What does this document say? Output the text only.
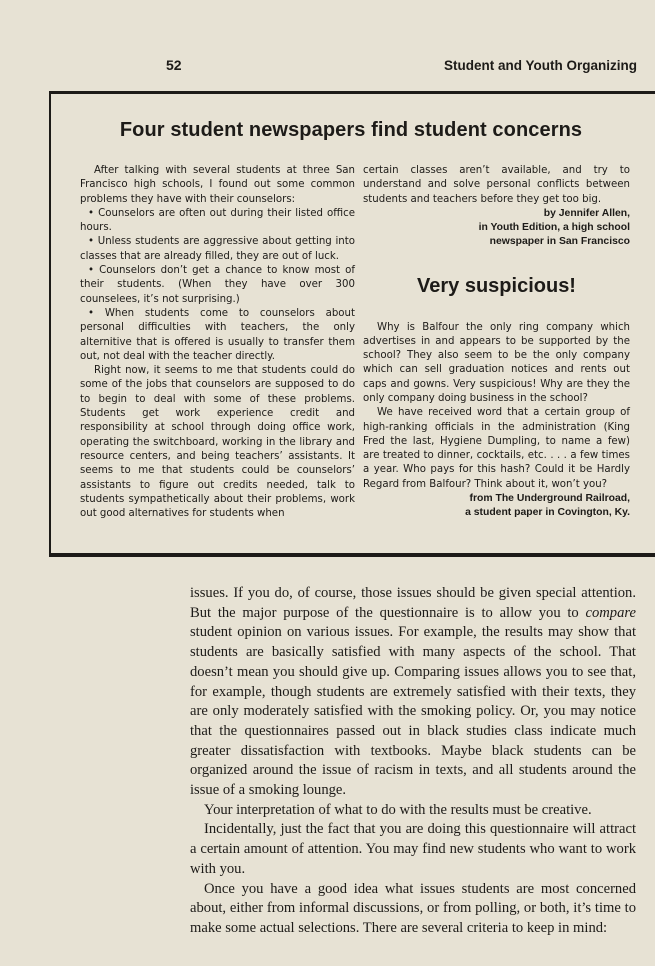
52	Student and Youth Organizing
Four student newspapers find student concerns

After talking with several students at three San Francisco high schools, I found out some common problems they have with their counselors:

• Counselors are often out during their listed office hours.

• Unless students are aggressive about getting into classes that are already filled, they are out of luck.

• Counselors don’t get a chance to know most of their students. (When they have over 300 counselees, it’s not surprising.)

• When students come to counselors about personal difficulties with teachers, the only alternitive that is offered is usually to transfer them out, not deal with the teacher directly.

Right now, it seems to me that students could do some of the jobs that counselors are supposed to do to begin to deal with some of these problems. Students get work experience credit and responsibility at school through doing office work, operating the switchboard, working in the library and resource centers, and being teachers’ assistants. It seems to me that students could be counselors’ assistants to figure out credits needed, talk to students sympathetically about their problems, work out good alternatives for students when

certain classes aren’t available, and try to understand and solve personal conflicts between students and teachers before they get too big.

by Jennifer Allen,
in Youth Edition, a high school
newspaper in San Francisco
Very suspicious!

Why is Balfour the only ring company which advertises in and appears to be supported by the school? They also seem to be the only company which can sell graduation notices and rents out caps and gowns. Very suspicious! Why are they the only company doing business in the school?

We have received word that a certain group of high-ranking officials in the administration (King Fred the last, Hygiene Dumpling, to name a few) are treated to dinner, cocktails, etc. . . . a few times a year. Who pays for this hash? Could it be Hardly Regard from Balfour? Think about it, won’t you?

from The Underground Railroad,
a student paper in Covington, Ky.

issues. If you do, of course, those issues should be given special attention. But the major purpose of the questionnaire is to allow you to compare student opinion on various issues. For example, the results may show that students are basically satisfied with many aspects of the school. That doesn’t mean you should give up. Comparing issues allows you to see that, for example, though students are extremely satisfied with their texts, they are only moderately satisfied with the smoking policy. Or, you may notice that the questionnaires passed out in black studies class indicate much greater dissatisfaction with textbooks. Maybe black students can be organized around the issue of racism in texts, and all students around the issue of a smoking lounge.

Your interpretation of what to do with the results must be creative.

Incidentally, just the fact that you are doing this questionnaire will attract a certain amount of attention. You may find new students who want to work with you.

Once you have a good idea what issues students are most concerned about, either from informal discussions, or from polling, or both, it’s time to make some actual selections. There are several criteria to keep in mind:
